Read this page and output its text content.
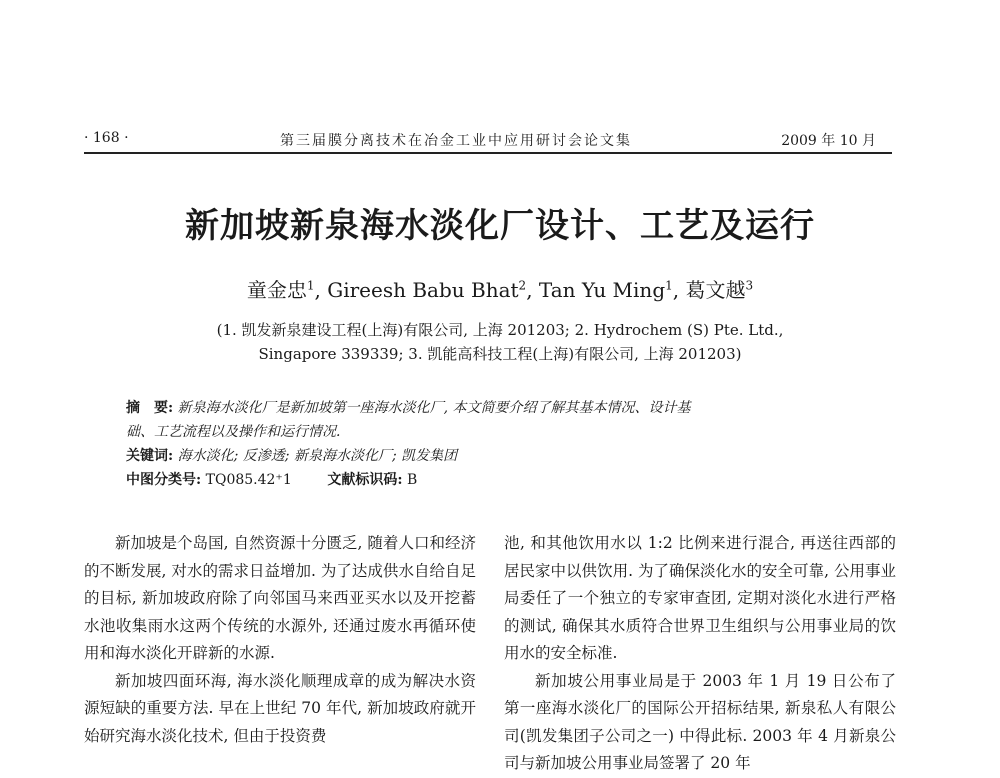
· 168 ·	第三届膜分离技术在冶金工业中应用研讨会论文集	2009 年 10 月
新加坡新泉海水淡化厂设计、工艺及运行
童金忠$^1$, Gireesh Babu Bhat$^2$, Tan Yu Ming$^1$, 葛文越$^3$
(1. 凯发新泉建设工程(上海)有限公司, 上海 201203; 2. Hydrochem (S) Pte. Ltd.,
Singapore 339339; 3. 凯能高科技工程(上海)有限公司, 上海 201203)

摘　要: 新泉海水淡化厂是新加坡第一座海水淡化厂, 本文简要介绍了解其基本情况、设计基

础、工艺流程以及操作和运行情况.

关键词: 海水淡化; 反渗透; 新泉海水淡化厂; 凯发集团

中图分类号: TQ085.42⁺1	文献标识码: B

新加坡是个岛国, 自然资源十分匮乏, 随着人口和经济的不断发展, 对水的需求日益增加. 为了达成供水自给自足的目标, 新加坡政府除了向邻国马来西亚买水以及开挖蓄水池收集雨水这两个传统的水源外, 还通过废水再循环使用和海水淡化开辟新的水源.

新加坡四面环海, 海水淡化顺理成章的成为解决水资源短缺的重要方法. 早在上世纪 70 年代, 新加坡政府就开始研究海水淡化技术, 但由于投资费

池, 和其他饮用水以 1:2 比例来进行混合, 再送往西部的居民家中以供饮用. 为了确保淡化水的安全可靠, 公用事业局委任了一个独立的专家审查团, 定期对淡化水进行严格的测试, 确保其水质符合世界卫生组织与公用事业局的饮用水的安全标准.

新加坡公用事业局是于 2003 年 1 月 19 日公布了第一座海水淡化厂的国际公开招标结果, 新泉私人有限公司(凯发集团子公司之一) 中得此标. 2003 年 4 月新泉公司与新加坡公用事业局签署了 20 年
